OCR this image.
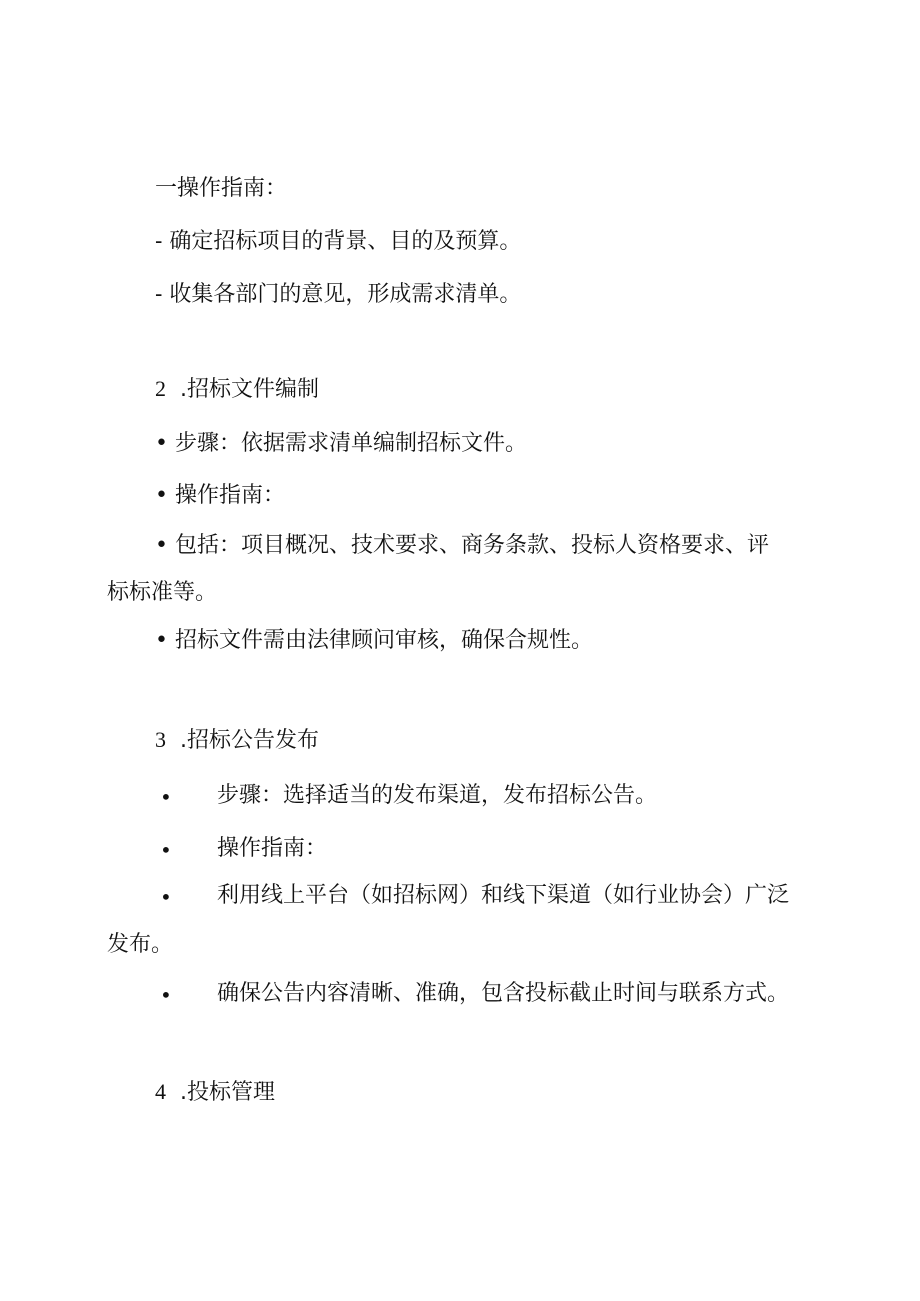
一操作指南：
- 确定招标项目的背景、目的及预算。
- 收集各部门的意见，形成需求清单。
2 .招标文件编制
• 步骤：依据需求清单编制招标文件。
• 操作指南：
• 包括：项目概况、技术要求、商务条款、投标人资格要求、评
标标准等。
• 招标文件需由法律顾问审核，确保合规性。
3 .招标公告发布
• 步骤：选择适当的发布渠道，发布招标公告。
• 操作指南：
• 利用线上平台（如招标网）和线下渠道（如行业协会）广泛
发布。
• 确保公告内容清晰、准确，包含投标截止时间与联系方式。
4 .投标管理
